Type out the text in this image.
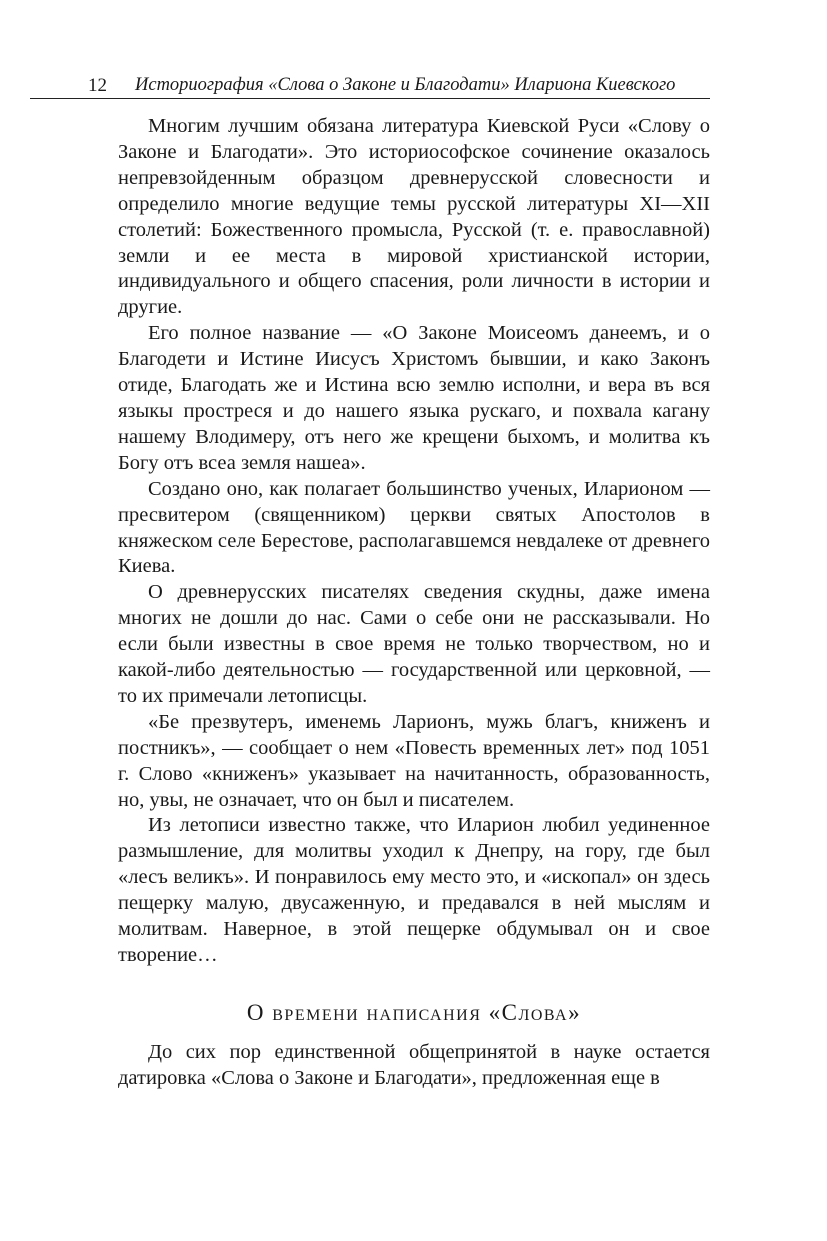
12 Историография «Слова о Законе и Благодати» Илариона Киевского

Многим лучшим обязана литература Киевской Руси «Слову о Законе и Благодати». Это историософское сочинение оказалось непревзойденным образцом древнерусской словесности и определило многие ведущие темы русской литературы XI—XII столетий: Божественного промысла, Русской (т. е. православной) земли и ее места в мировой христианской истории, индивидуального и общего спасения, роли личности в истории и другие.

Его полное название — «О Законе Моисеомъ данеемъ, и о Благодети и Истине Иисусъ Христомъ бывшии, и како Законъ отиде, Благодать же и Истина всю землю исполни, и вера въ вся языкы простреся и до нашего языка рускаго, и похвала кагану нашему Влодимеру, отъ него же крещени быхомъ, и молитва къ Богу отъ всеа земля нашеа».

Создано оно, как полагает большинство ученых, Иларионом — пресвитером (священником) церкви святых Апостолов в княжеском селе Берестове, располагавшемся невдалеке от древнего Киева.

О древнерусских писателях сведения скудны, даже имена многих не дошли до нас. Сами о себе они не рассказывали. Но если были известны в свое время не только творчеством, но и какой-либо деятельностью — государственной или церковной, — то их примечали летописцы.

«Бе презвутеръ, именемь Ларионъ, мужь благъ, книженъ и постникъ», — сообщает о нем «Повесть временных лет» под 1051 г. Слово «книженъ» указывает на начитанность, образованность, но, увы, не означает, что он был и писателем.

Из летописи известно также, что Иларион любил уединенное размышление, для молитвы уходил к Днепру, на гору, где был «лесъ великъ». И понравилось ему место это, и «ископал» он здесь пещерку малую, двусаженную, и предавался в ней мыслям и молитвам. Наверное, в этой пещерке обдумывал он и свое творение…

О времени написания «Слова»

До сих пор единственной общепринятой в науке остается датировка «Слова о Законе и Благодати», предложенная еще в
